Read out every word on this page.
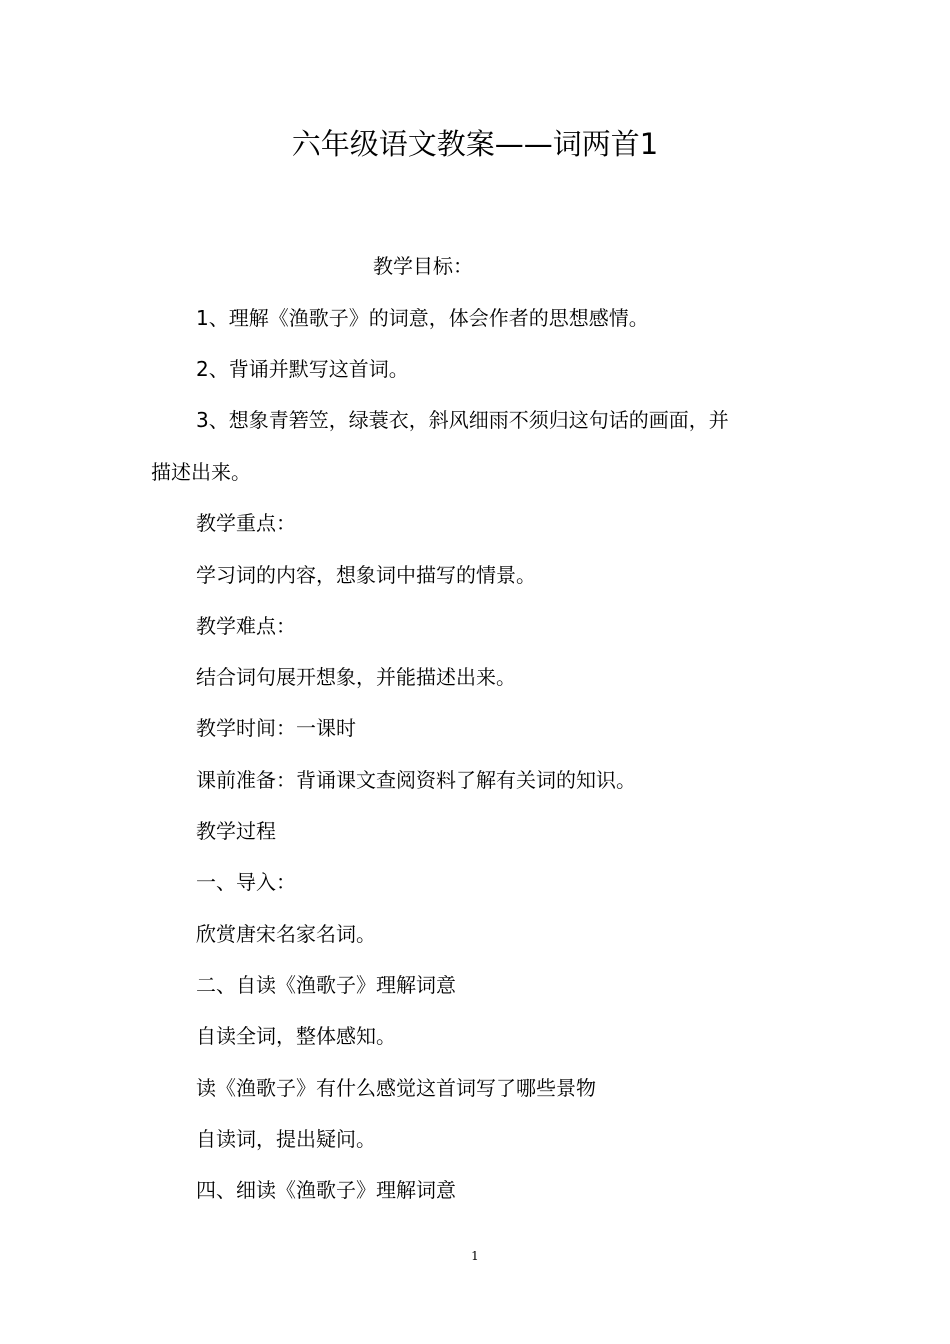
六年级语文教案——词两首1
教学目标：
1、理解《渔歌子》的词意，体会作者的思想感情。
2、背诵并默写这首词。
3、想象青箬笠，绿蓑衣，斜风细雨不须归这句话的画面，并
描述出来。
教学重点：
学习词的内容，想象词中描写的情景。
教学难点：
结合词句展开想象，并能描述出来。
教学时间：一课时
课前准备：背诵课文查阅资料了解有关词的知识。
教学过程
一、导入：
欣赏唐宋名家名词。
二、自读《渔歌子》理解词意
自读全词，整体感知。
读《渔歌子》有什么感觉这首词写了哪些景物
自读词，提出疑问。
四、细读《渔歌子》理解词意
1
